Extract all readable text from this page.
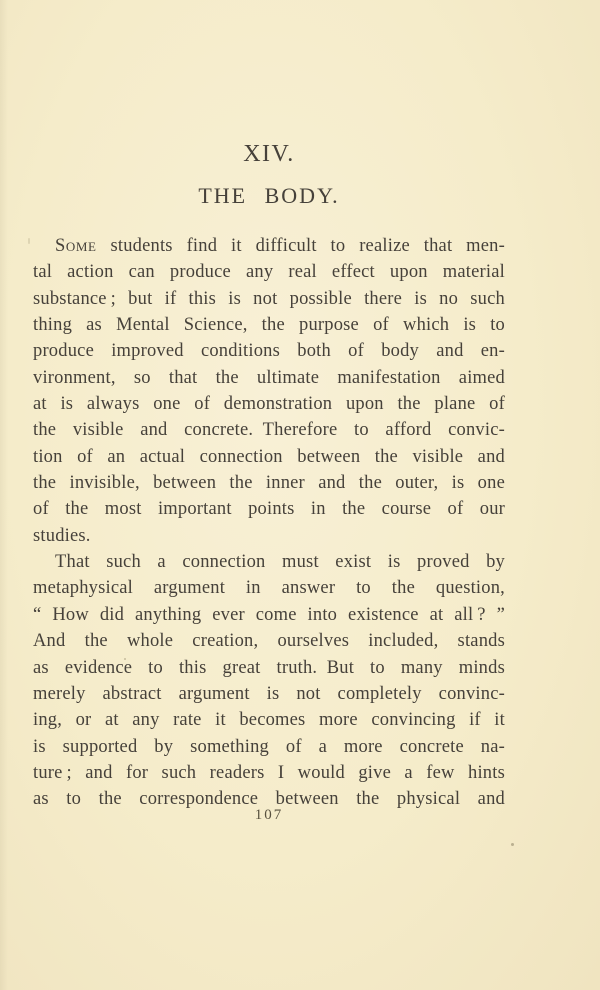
XIV.
THE BODY.
Some students find it difficult to realize that men-
tal action can produce any real effect upon material
substance ; but if this is not possible there is no such
thing as Mental Science, the purpose of which is to
produce improved conditions both of body and en-
vironment, so that the ultimate manifestation aimed
at is always one of demonstration upon the plane of
the visible and concrete. Therefore to afford convic-
tion of an actual connection between the visible and
the invisible, between the inner and the outer, is one
of the most important points in the course of our
studies.
That such a connection must exist is proved by
metaphysical argument in answer to the question,
“ How did anything ever come into existence at all ? ”
And the whole creation, ourselves included, stands
as evidence to this great truth. But to many minds
merely abstract argument is not completely convinc-
ing, or at any rate it becomes more convincing if it
is supported by something of a more concrete na-
ture ; and for such readers I would give a few hints
as to the correspondence between the physical and
107
